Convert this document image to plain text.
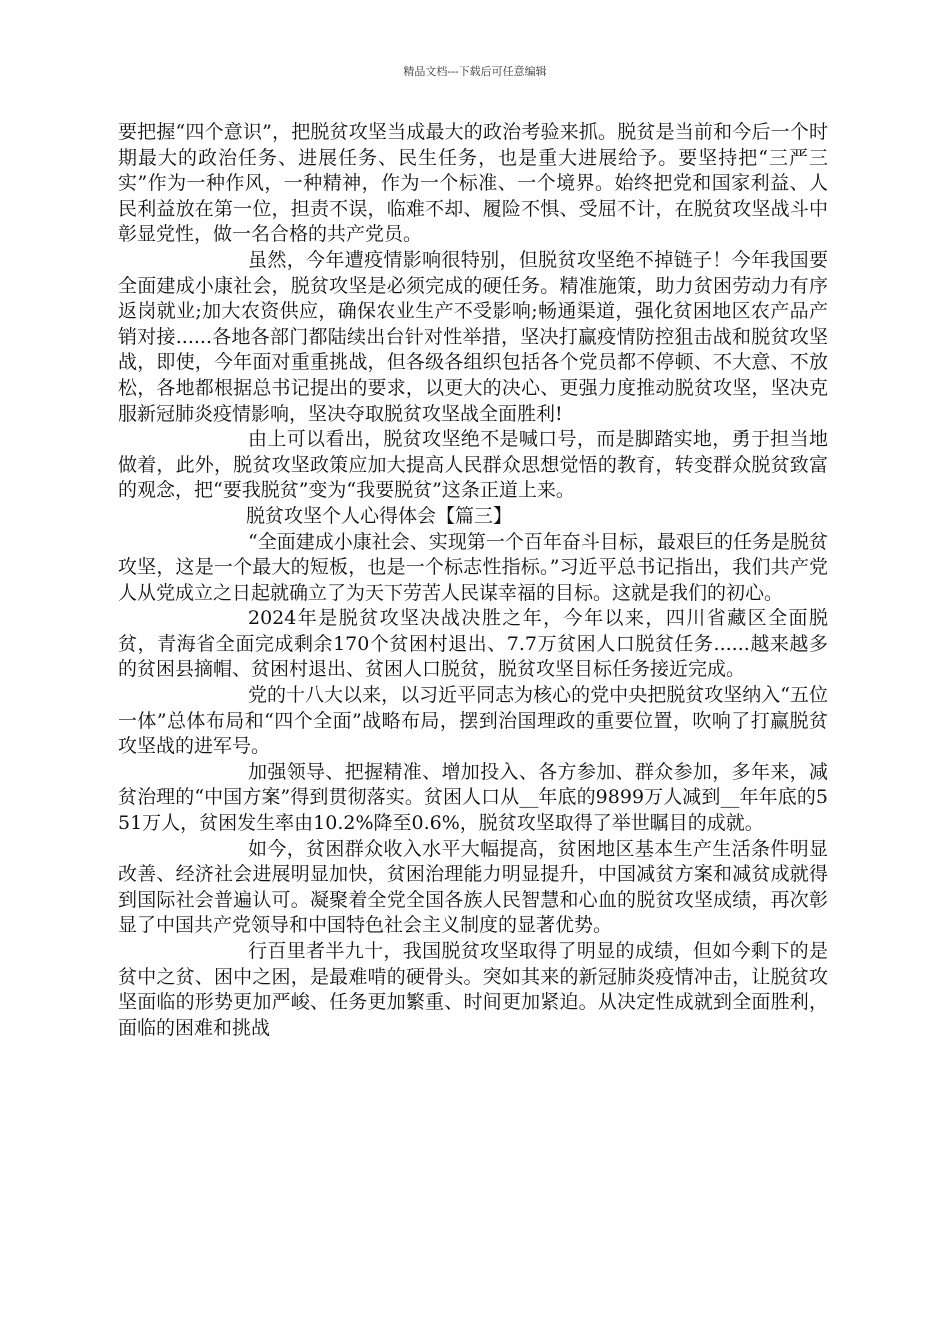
精品文档---下载后可任意编辑

要把握“四个意识”，把脱贫攻坚当成最大的政治考验来抓。脱贫是当前和今后一个时期最大的政治任务、进展任务、民生任务，也是重大进展给予。要坚持把“三严三实”作为一种作风，一种精神，作为一个标准、一个境界。始终把党和国家利益、人民利益放在第一位，担责不误，临难不却、履险不惧、受屈不计，在脱贫攻坚战斗中彰显党性，做一名合格的共产党员。

虽然，今年遭疫情影响很特别，但脱贫攻坚绝不掉链子！今年我国要全面建成小康社会，脱贫攻坚是必须完成的硬任务。精准施策，助力贫困劳动力有序返岗就业;加大农资供应，确保农业生产不受影响;畅通渠道，强化贫困地区农产品产销对接......各地各部门都陆续出台针对性举措，坚决打赢疫情防控狙击战和脱贫攻坚战，即使，今年面对重重挑战，但各级各组织包括各个党员都不停顿、不大意、不放松，各地都根据总书记提出的要求，以更大的决心、更强力度推动脱贫攻坚，坚决克服新冠肺炎疫情影响，坚决夺取脱贫攻坚战全面胜利!

由上可以看出，脱贫攻坚绝不是喊口号，而是脚踏实地，勇于担当地做着，此外，脱贫攻坚政策应加大提高人民群众思想觉悟的教育，转变群众脱贫致富的观念，把“要我脱贫”变为“我要脱贫”这条正道上来。

脱贫攻坚个人心得体会【篇三】

“全面建成小康社会、实现第一个百年奋斗目标，最艰巨的任务是脱贫攻坚，这是一个最大的短板，也是一个标志性指标。”习近平总书记指出，我们共产党人从党成立之日起就确立了为天下劳苦人民谋幸福的目标。这就是我们的初心。

2024年是脱贫攻坚决战决胜之年，今年以来，四川省藏区全面脱贫，青海省全面完成剩余170个贫困村退出、7.7万贫困人口脱贫任务......越来越多的贫困县摘帽、贫困村退出、贫困人口脱贫，脱贫攻坚目标任务接近完成。

党的十八大以来，以习近平同志为核心的党中央把脱贫攻坚纳入“五位一体”总体布局和“四个全面”战略布局，摆到治国理政的重要位置，吹响了打赢脱贫攻坚战的进军号。

加强领导、把握精准、增加投入、各方参加、群众参加，多年来，减贫治理的“中国方案”得到贯彻落实。贫困人口从__年底的9899万人减到__年年底的551万人，贫困发生率由10.2%降至0.6%，脱贫攻坚取得了举世瞩目的成就。

如今，贫困群众收入水平大幅提高，贫困地区基本生产生活条件明显改善、经济社会进展明显加快，贫困治理能力明显提升，中国减贫方案和减贫成就得到国际社会普遍认可。凝聚着全党全国各族人民智慧和心血的脱贫攻坚成绩，再次彰显了中国共产党领导和中国特色社会主义制度的显著优势。

行百里者半九十，我国脱贫攻坚取得了明显的成绩，但如今剩下的是贫中之贫、困中之困，是最难啃的硬骨头。突如其来的新冠肺炎疫情冲击，让脱贫攻坚面临的形势更加严峻、任务更加繁重、时间更加紧迫。从决定性成就到全面胜利，面临的困难和挑战
